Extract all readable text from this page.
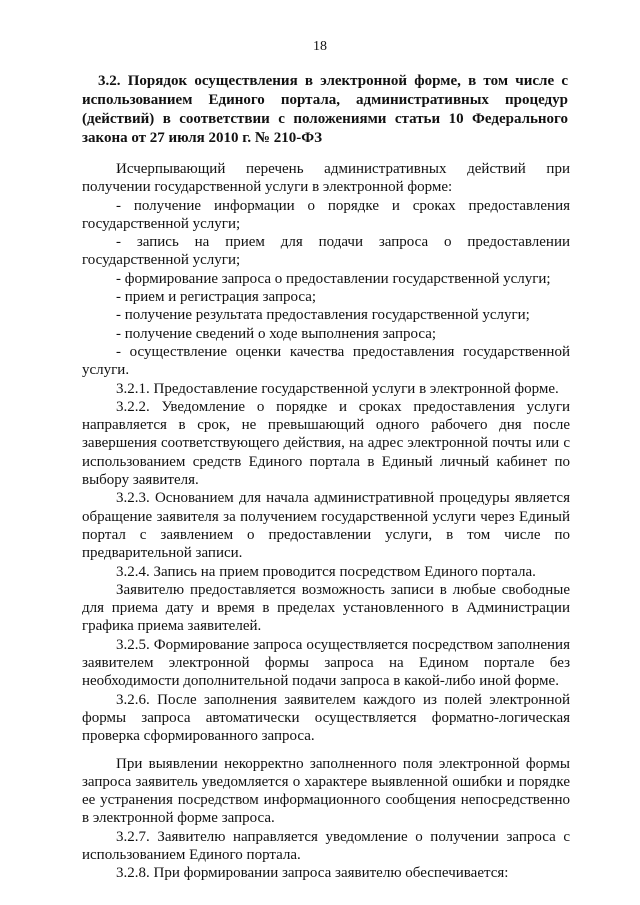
18
3.2. Порядок осуществления в электронной форме, в том числе с
использованием Единого портала, административных процедур
(действий) в соответствии с положениями статьи 10 Федерального
закона от 27 июля 2010 г. № 210-ФЗ

Исчерпывающий перечень административных действий при получении государственной услуги в электронной форме:

- получение информации о порядке и сроках предоставления государственной услуги;

- запись на прием для подачи запроса о предоставлении государственной услуги;

- формирование запроса о предоставлении государственной услуги;

- прием и регистрация запроса;

- получение результата предоставления государственной услуги;

- получение сведений о ходе выполнения запроса;

- осуществление оценки качества предоставления государственной услуги.

3.2.1. Предоставление государственной услуги в электронной форме.

3.2.2. Уведомление о порядке и сроках предоставления услуги направляется в срок, не превышающий одного рабочего дня после завершения соответствующего действия, на адрес электронной почты или с использованием средств Единого портала в Единый личный кабинет по выбору заявителя.

3.2.3. Основанием для начала административной процедуры является обращение заявителя за получением государственной услуги через Единый портал с заявлением о предоставлении услуги, в том числе по предварительной записи.

3.2.4. Запись на прием проводится посредством Единого портала.

Заявителю предоставляется возможность записи в любые свободные для приема дату и время в пределах установленного в Администрации графика приема заявителей.

3.2.5. Формирование запроса осуществляется посредством заполнения заявителем электронной формы запроса на Едином портале без необходимости дополнительной подачи запроса в какой-либо иной форме.

3.2.6. После заполнения заявителем каждого из полей электронной формы запроса автоматически осуществляется форматно-логическая проверка сформированного запроса.

При выявлении некорректно заполненного поля электронной формы запроса заявитель уведомляется о характере выявленной ошибки и порядке ее устранения посредством информационного сообщения непосредственно в электронной форме запроса.

3.2.7. Заявителю направляется уведомление о получении запроса с использованием Единого портала.

3.2.8. При формировании запроса заявителю обеспечивается:
